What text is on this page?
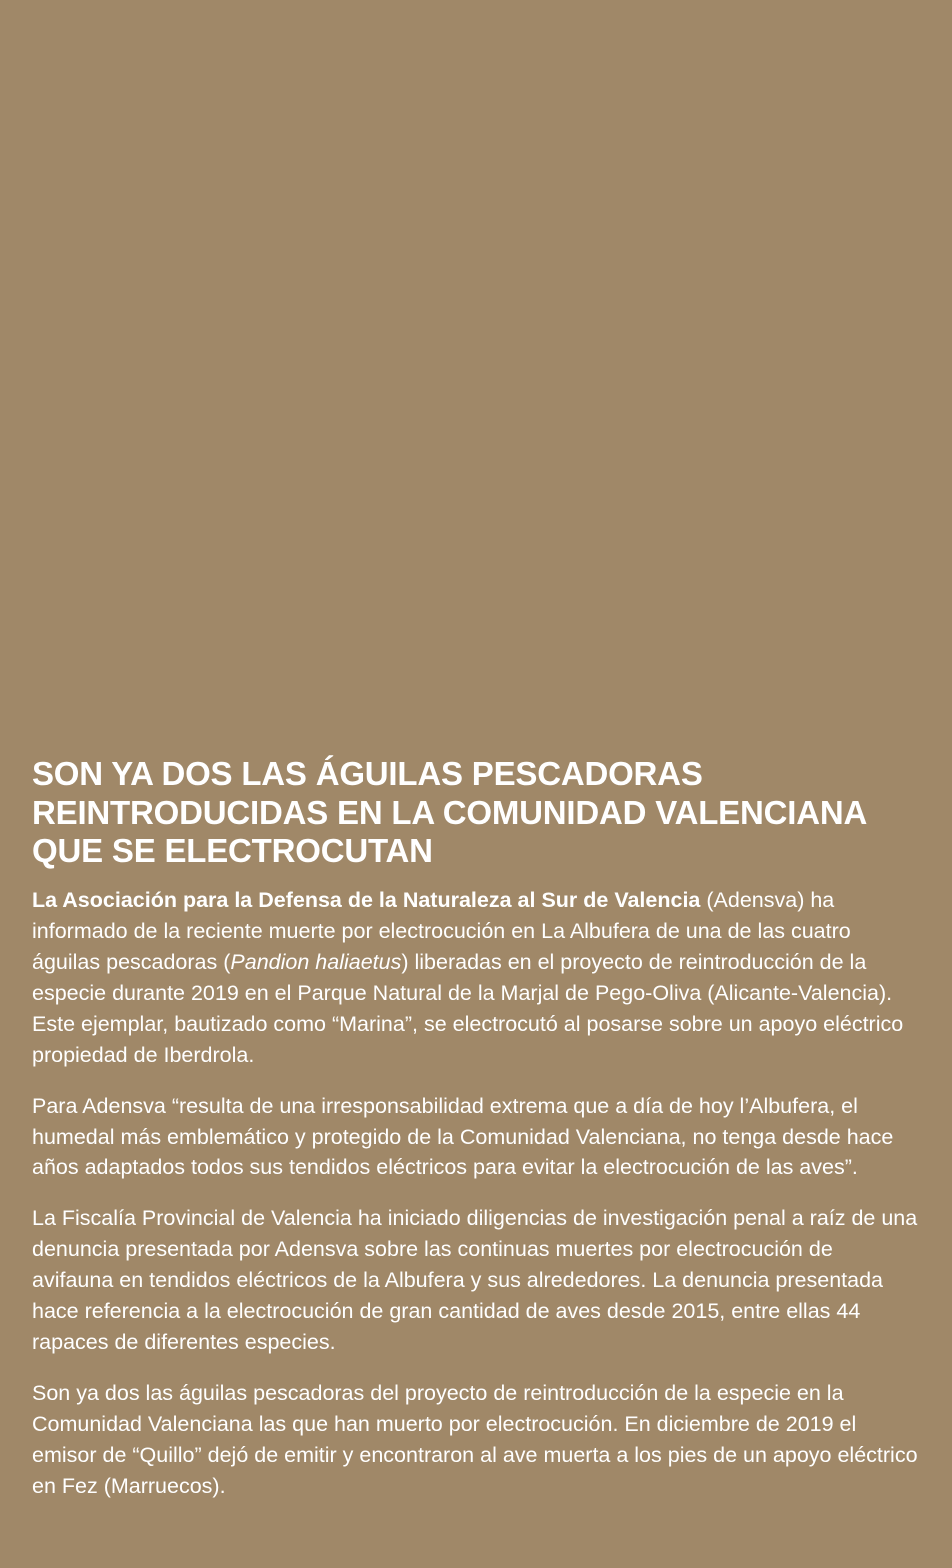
SON YA DOS LAS ÁGUILAS PESCADORAS REINTRODUCIDAS EN LA COMUNIDAD VALENCIANA QUE SE ELECTROCUTAN

La Asociación para la Defensa de la Naturaleza al Sur de Valencia (Adensva) ha informado de la reciente muerte por electrocución en La Albufera de una de las cuatro águilas pescadoras (Pandion haliaetus) liberadas en el proyecto de reintroducción de la especie durante 2019 en el Parque Natural de la Marjal de Pego-Oliva (Alicante-Valencia). Este ejemplar, bautizado como “Marina”, se electrocutó al posarse sobre un apoyo eléctrico propiedad de Iberdrola.

Para Adensva “resulta de una irresponsabilidad extrema que a día de hoy l’Albufera, el humedal más emblemático y protegido de la Comunidad Valenciana, no tenga desde hace años adaptados todos sus tendidos eléctricos para evitar la electrocución de las aves”.

La Fiscalía Provincial de Valencia ha iniciado diligencias de investigación penal a raíz de una denuncia presentada por Adensva sobre las continuas muertes por electrocución de avifauna en tendidos eléctricos de la Albufera y sus alrededores. La denuncia presentada hace referencia a la electrocución de gran cantidad de aves desde 2015, entre ellas 44 rapaces de diferentes especies.

Son ya dos las águilas pescadoras del proyecto de reintroducción de la especie en la Comunidad Valenciana las que han muerto por electrocución. En diciembre de 2019 el emisor de “Quillo” dejó de emitir y encontraron al ave muerta a los pies de un apoyo eléctrico en Fez (Marruecos).
